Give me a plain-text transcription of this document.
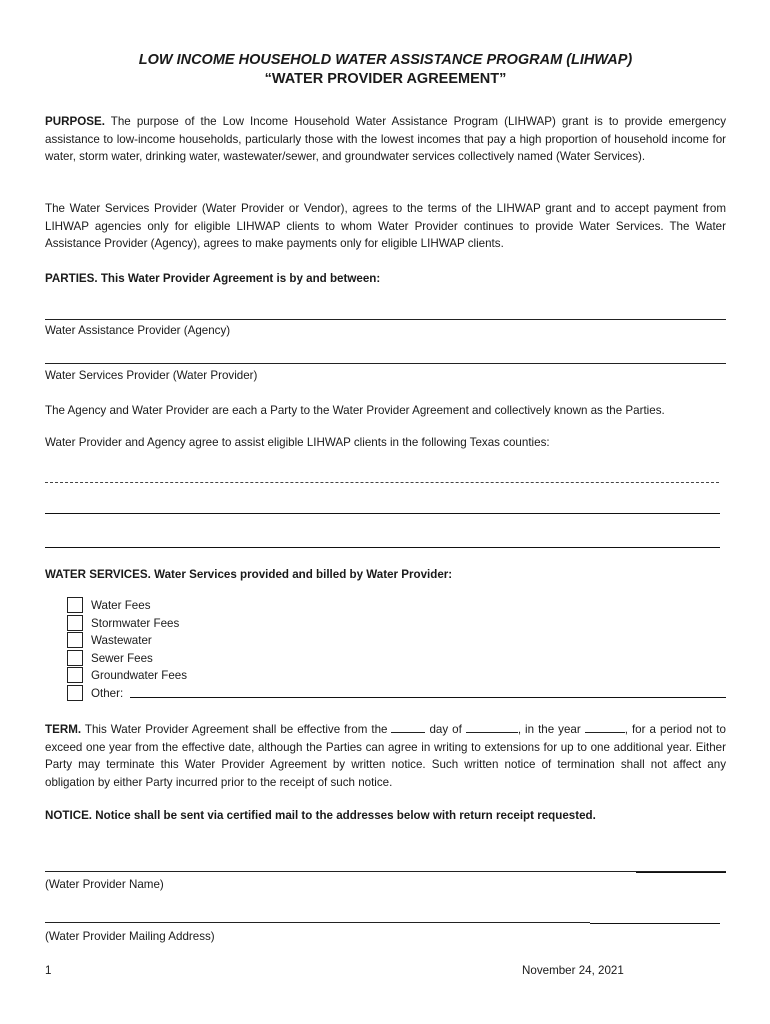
LOW INCOME HOUSEHOLD WATER ASSISTANCE PROGRAM (LIHWAP)
“WATER PROVIDER AGREEMENT”

PURPOSE. The purpose of the Low Income Household Water Assistance Program (LIHWAP) grant is to provide emergency assistance to low-income households, particularly those with the lowest incomes that pay a high proportion of household income for water, storm water, drinking water, wastewater/sewer, and groundwater services collectively named (Water Services).

The Water Services Provider (Water Provider or Vendor), agrees to the terms of the LIHWAP grant and to accept payment from LIHWAP agencies only for eligible LIHWAP clients to whom Water Provider continues to provide Water Services. The Water Assistance Provider (Agency), agrees to make payments only for eligible LIHWAP clients.

PARTIES. This Water Provider Agreement is by and between:

Water Assistance Provider (Agency)
Water Services Provider (Water Provider)

The Agency and Water Provider are each a Party to the Water Provider Agreement and collectively known as the Parties.

Water Provider and Agency agree to assist eligible LIHWAP clients in the following Texas counties:

WATER SERVICES. Water Services provided and billed by Water Provider:

Water Fees
Stormwater Fees
Wastewater
Sewer Fees
Groundwater Fees
Other:

TERM. This Water Provider Agreement shall be effective from the	day of	, in the year	, for a period not to exceed one year from the effective date, although the Parties can agree in writing to extensions for up to one additional year. Either Party may terminate this Water Provider Agreement by written notice. Such written notice of termination shall not affect any obligation by either Party incurred prior to the receipt of such notice.

NOTICE. Notice shall be sent via certified mail to the addresses below with return receipt requested.

(Water Provider Name)
(Water Provider Mailing Address)
1	November 24, 2021
